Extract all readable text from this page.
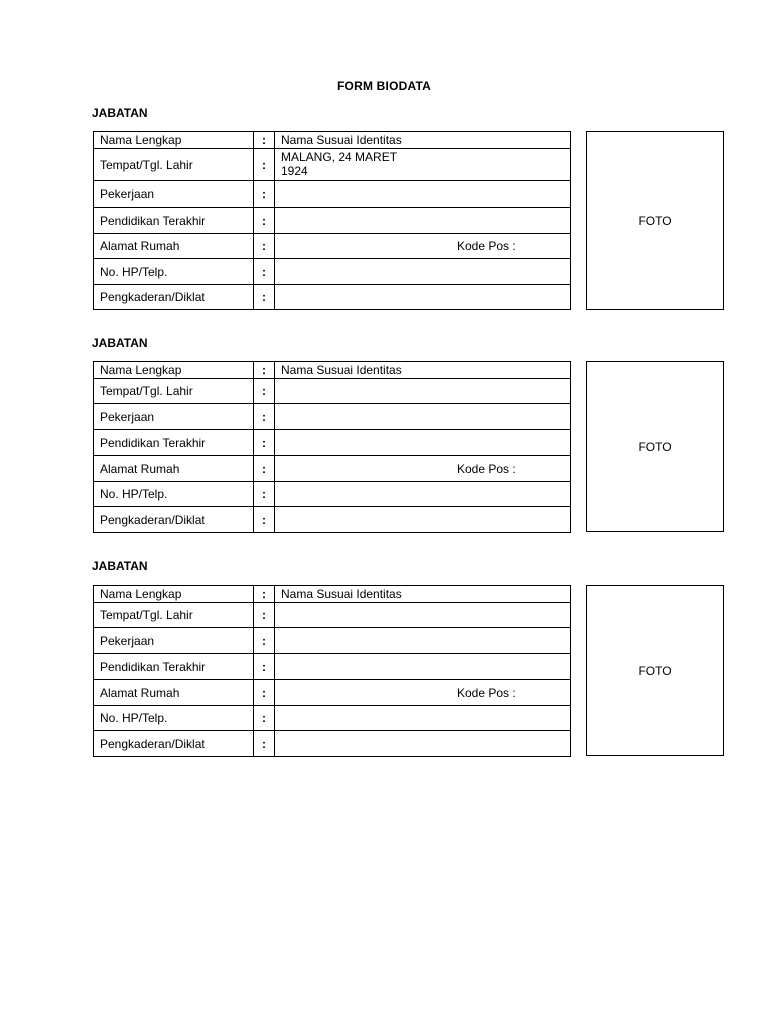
FORM BIODATA
JABATAN
Nama Lengkap	:	Nama Susuai Identitas
Tempat/Tgl. Lahir	:	MALANG, 24 MARET
1924
Pekerjaan	:	
Pendidikan Terakhir	:	
Alamat Rumah	:	Kode Pos :

No. HP/Telp.	:	
Pengkaderan/Diklat	:	
FOTO
JABATAN
Nama Lengkap	:	Nama Susuai Identitas
Tempat/Tgl. Lahir	:	
Pekerjaan	:	
Pendidikan Terakhir	:	
Alamat Rumah	:	Kode Pos :

No. HP/Telp.	:	
Pengkaderan/Diklat	:	
FOTO
JABATAN
Nama Lengkap	:	Nama Susuai Identitas
Tempat/Tgl. Lahir	:	
Pekerjaan	:	
Pendidikan Terakhir	:	
Alamat Rumah	:	Kode Pos :

No. HP/Telp.	:	
Pengkaderan/Diklat	:	
FOTO
